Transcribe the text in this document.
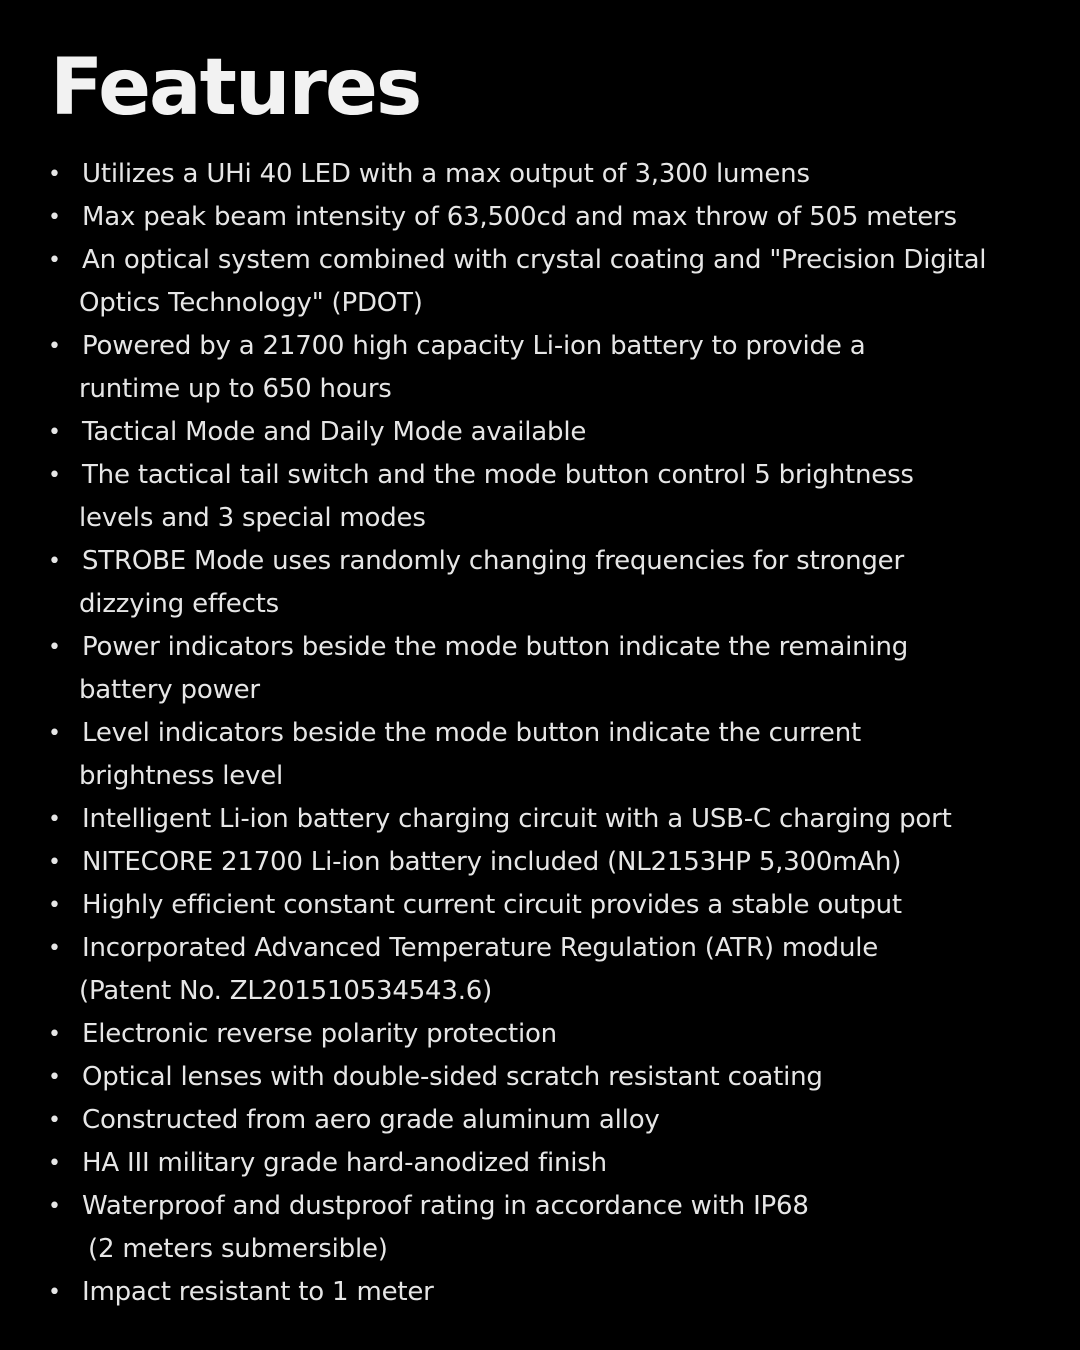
Features
• Utilizes a UHi 40 LED with a max output of 3,300 lumens
• Max peak beam intensity of 63,500cd and max throw of 505 meters
• An optical system combined with crystal coating and "Precision Digital
Optics Technology" (PDOT)
• Powered by a 21700 high capacity Li-ion battery to provide a
runtime up to 650 hours
• Tactical Mode and Daily Mode available
• The tactical tail switch and the mode button control 5 brightness
levels and 3 special modes
• STROBE Mode uses randomly changing frequencies for stronger
dizzying effects
• Power indicators beside the mode button indicate the remaining
battery power
• Level indicators beside the mode button indicate the current
brightness level
• Intelligent Li-ion battery charging circuit with a USB-C charging port
• NITECORE 21700 Li-ion battery included (NL2153HP 5,300mAh)
• Highly efficient constant current circuit provides a stable output
• Incorporated Advanced Temperature Regulation (ATR) module
(Patent No. ZL201510534543.6)
• Electronic reverse polarity protection
• Optical lenses with double-sided scratch resistant coating
• Constructed from aero grade aluminum alloy
• HA III military grade hard-anodized finish
• Waterproof and dustproof rating in accordance with IP68
(2 meters submersible)
• Impact resistant to 1 meter
